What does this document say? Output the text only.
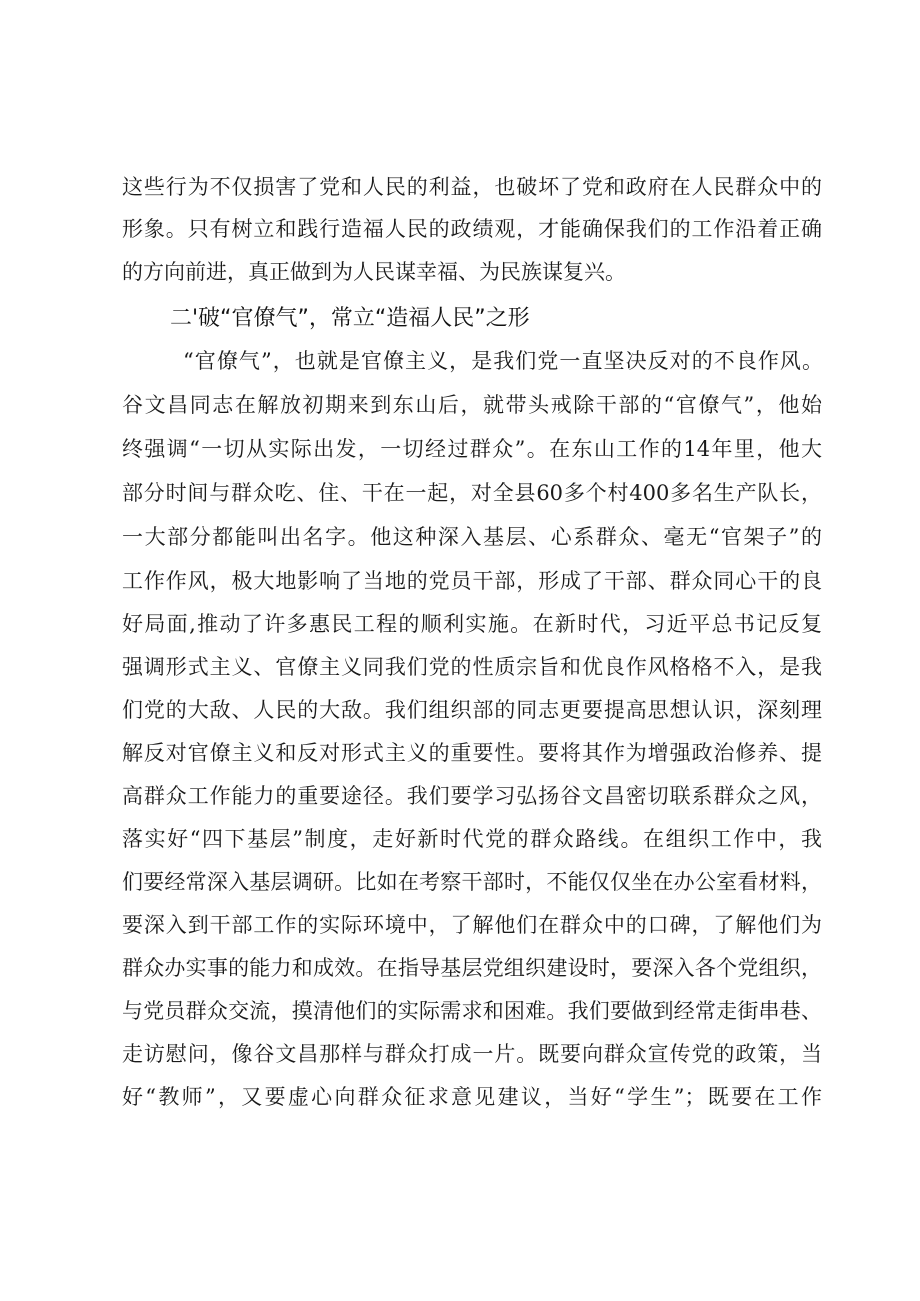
这些行为不仅损害了党和人民的利益，也破坏了党和政府在人民群众中的
形象。只有树立和践行造福人民的政绩观，才能确保我们的工作沿着正确
的方向前进，真正做到为人民谋幸福、为民族谋复兴。
二'破“官僚气”，常立“造福人民”之形
“官僚气”，也就是官僚主义，是我们党一直坚决反对的不良作风。
谷文昌同志在解放初期来到东山后，就带头戒除干部的“官僚气”，他始
终强调“一切从实际出发，一切经过群众”。在东山工作的14年里，他大
部分时间与群众吃、住、干在一起，对全县60多个村400多名生产队长，
一大部分都能叫出名字。他这种深入基层、心系群众、毫无“官架子”的
工作作风，极大地影响了当地的党员干部，形成了干部、群众同心干的良
好局面,推动了许多惠民工程的顺利实施。在新时代，习近平总书记反复
强调形式主义、官僚主义同我们党的性质宗旨和优良作风格格不入，是我
们党的大敌、人民的大敌。我们组织部的同志更要提高思想认识，深刻理
解反对官僚主义和反对形式主义的重要性。要将其作为增强政治修养、提
高群众工作能力的重要途径。我们要学习弘扬谷文昌密切联系群众之风，
落实好“四下基层”制度，走好新时代党的群众路线。在组织工作中，我
们要经常深入基层调研。比如在考察干部时，不能仅仅坐在办公室看材料，
要深入到干部工作的实际环境中，了解他们在群众中的口碑，了解他们为
群众办实事的能力和成效。在指导基层党组织建设时，要深入各个党组织，
与党员群众交流，摸清他们的实际需求和困难。我们要做到经常走街串巷、
走访慰问，像谷文昌那样与群众打成一片。既要向群众宣传党的政策，当
好“教师”，又要虚心向群众征求意见建议，当好“学生”；既要在工作
